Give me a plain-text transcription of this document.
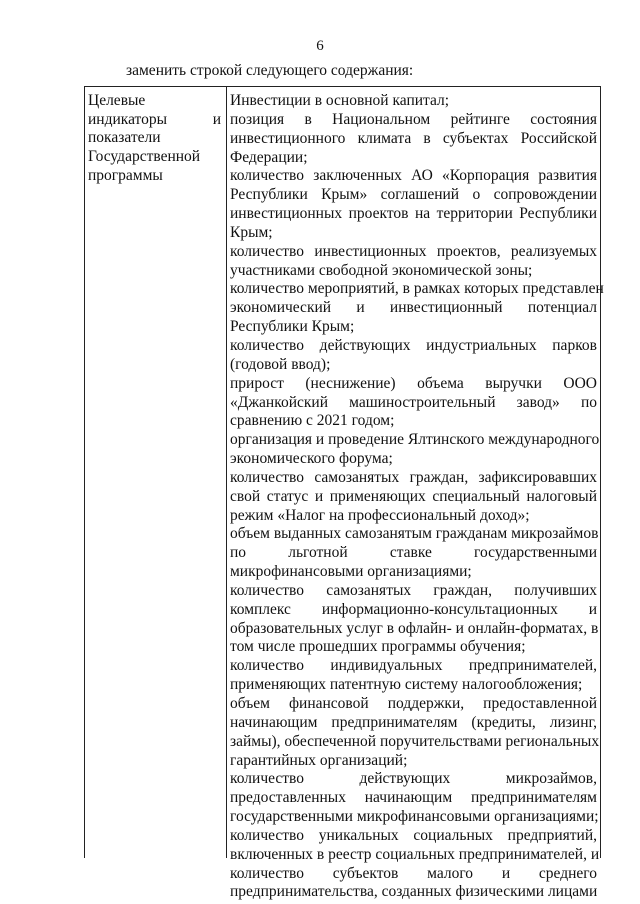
6
заменить строкой следующего содержания:
Целевые
индикаторы	и
показатели
Государственной
программы
Инвестиции в основной капитал;
позиция в Национальном рейтинге состояния
инвестиционного климата в субъектах Российской
Федерации;
количество заключенных АО «Корпорация развития
Республики Крым» соглашений о сопровождении
инвестиционных проектов на территории Республики
Крым;
количество инвестиционных проектов, реализуемых
участниками свободной экономической зоны;
количество мероприятий, в рамках которых представлен
экономический и инвестиционный потенциал
Республики Крым;
количество действующих индустриальных парков
(годовой ввод);
прирост (неснижение) объема выручки ООО
«Джанкойский машиностроительный завод» по
сравнению с 2021 годом;
организация и проведение Ялтинского международного
экономического форума;
количество самозанятых граждан, зафиксировавших
свой статус и применяющих специальный налоговый
режим «Налог на профессиональный доход»;
объем выданных самозанятым гражданам микрозаймов
по льготной ставке государственными
микрофинансовыми организациями;
количество самозанятых граждан, получивших
комплекс информационно-консультационных и
образовательных услуг в офлайн- и онлайн-форматах, в
том числе прошедших программы обучения;
количество индивидуальных предпринимателей,
применяющих патентную систему налогообложения;
объем финансовой поддержки, предоставленной
начинающим предпринимателям (кредиты, лизинг,
займы), обеспеченной поручительствами региональных
гарантийных организаций;
количество действующих микрозаймов,
предоставленных начинающим предпринимателям
государственными микрофинансовыми организациями;
количество уникальных социальных предприятий,
включенных в реестр социальных предпринимателей, и
количество субъектов малого и среднего
предпринимательства, созданных физическими лицами
